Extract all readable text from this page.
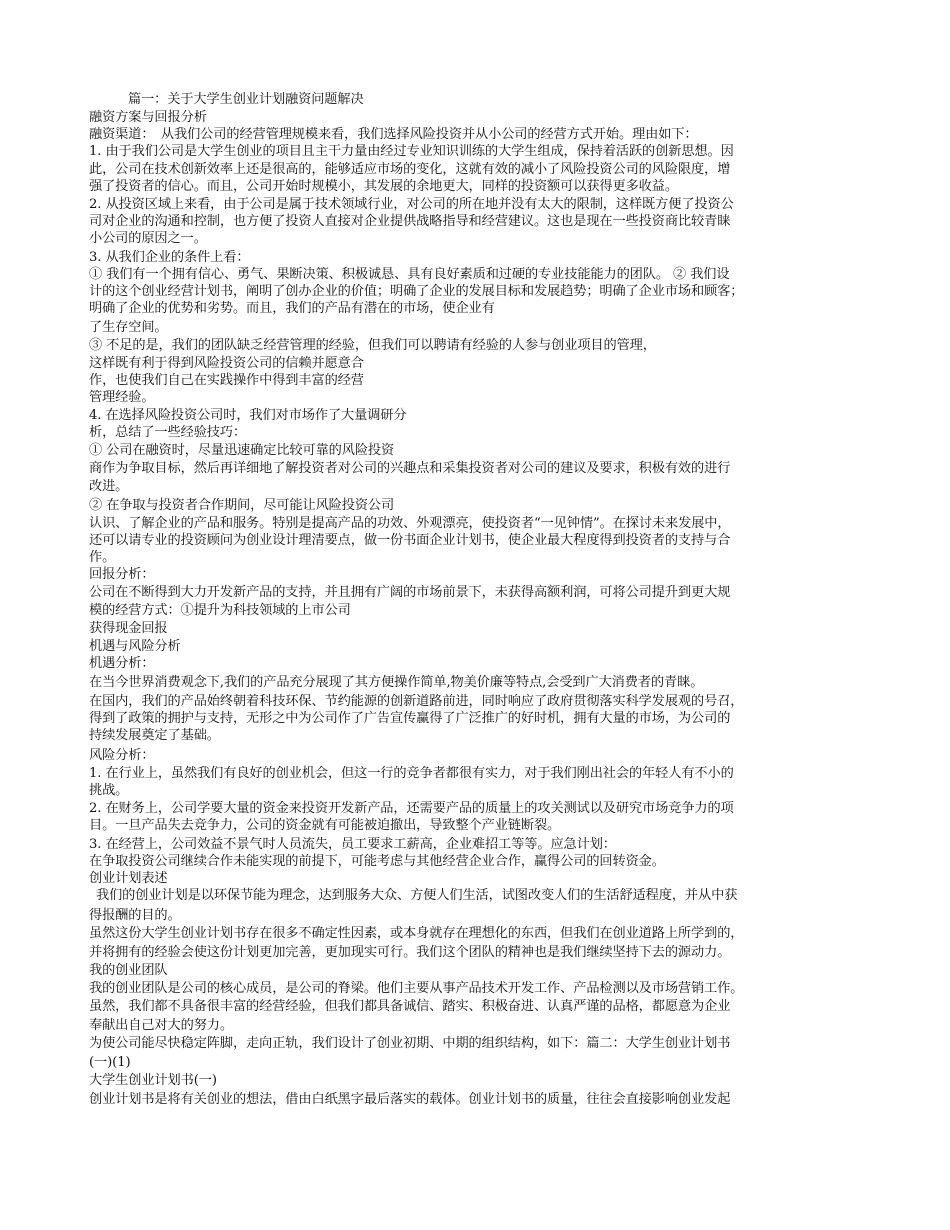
篇一：关于大学生创业计划融资问题解决
融资方案与回报分析
融资渠道：　从我们公司的经营管理规模来看，我们选择风险投资并从小公司的经营方式开始。理由如下：
1. 由于我们公司是大学生创业的项目且主干力量由经过专业知识训练的大学生组成，保持着活跃的创新思想。因
此，公司在技术创新效率上还是很高的，能够适应市场的变化，这就有效的减小了风险投资公司的风险限度，增
强了投资者的信心。而且，公司开始时规模小，其发展的余地更大，同样的投资额可以获得更多收益。
2. 从投资区域上来看，由于公司是属于技术领域行业，对公司的所在地并没有太大的限制，这样既方便了投资公
司对企业的沟通和控制，也方便了投资人直接对企业提供战略指导和经营建议。这也是现在一些投资商比较青睐
小公司的原因之一。
3. 从我们企业的条件上看：
① 我们有一个拥有信心、勇气、果断决策、积极诚恳、具有良好素质和过硬的专业技能能力的团队。 ② 我们设
计的这个创业经营计划书，阐明了创办企业的价值；明确了企业的发展目标和发展趋势；明确了企业市场和顾客；
明确了企业的优势和劣势。而且，我们的产品有潜在的市场，使企业有
了生存空间。
③ 不足的是，我们的团队缺乏经营管理的经验，但我们可以聘请有经验的人参与创业项目的管理，
这样既有利于得到风险投资公司的信赖并愿意合
作，也使我们自己在实践操作中得到丰富的经营
管理经验。
4. 在选择风险投资公司时，我们对市场作了大量调研分
析，总结了一些经验技巧：
① 公司在融资时，尽量迅速确定比较可靠的风险投资
商作为争取目标，然后再详细地了解投资者对公司的兴趣点和采集投资者对公司的建议及要求，积极有效的进行
改进。
② 在争取与投资者合作期间，尽可能让风险投资公司
认识、了解企业的产品和服务。特别是提高产品的功效、外观漂亮，使投资者“一见钟情”。在探讨未来发展中，
还可以请专业的投资顾问为创业设计理清要点，做一份书面企业计划书，使企业最大程度得到投资者的支持与合
作。
回报分析：
公司在不断得到大力开发新产品的支持，并且拥有广阔的市场前景下，未获得高额利润，可将公司提升到更大规
模的经营方式：①提升为科技领域的上市公司
获得现金回报
机遇与风险分析
机遇分析：
在当今世界消费观念下,我们的产品充分展现了其方便操作简单,物美价廉等特点,会受到广大消费者的青睐。
在国内，我们的产品始终朝着科技环保、节约能源的创新道路前进，同时响应了政府贯彻落实科学发展观的号召，
得到了政策的拥护与支持，无形之中为公司作了广告宣传赢得了广泛推广的好时机，拥有大量的市场，为公司的
持续发展奠定了基础。
风险分析：
1. 在行业上，虽然我们有良好的创业机会，但这一行的竞争者都很有实力，对于我们刚出社会的年轻人有不小的
挑战。
2. 在财务上，公司学要大量的资金来投资开发新产品，还需要产品的质量上的攻关测试以及研究市场竞争力的项
目。一旦产品失去竞争力，公司的资金就有可能被迫撤出，导致整个产业链断裂。
3. 在经营上，公司效益不景气时人员流失，员工要求工薪高，企业难招工等等。应急计划：
在争取投资公司继续合作未能实现的前提下，可能考虑与其他经营企业合作，赢得公司的回转资金。
创业计划表述
我们的创业计划是以环保节能为理念，达到服务大众、方便人们生活，试图改变人们的生活舒适程度，并从中获
得报酬的目的。
虽然这份大学生创业计划书存在很多不确定性因素，或本身就存在理想化的东西，但我们在创业道路上所学到的，
并将拥有的经验会使这份计划更加完善，更加现实可行。我们这个团队的精神也是我们继续坚持下去的源动力。
我的创业团队
我的创业团队是公司的核心成员，是公司的脊梁。他们主要从事产品技术开发工作、产品检测以及市场营销工作。
虽然，我们都不具备很丰富的经营经验，但我们都具备诚信、踏实、积极奋进、认真严谨的品格，都愿意为企业
奉献出自己对大的努力。
为使公司能尽快稳定阵脚，走向正轨，我们设计了创业初期、中期的组织结构，如下：篇二：大学生创业计划书
(一)(1)
大学生创业计划书(一)
创业计划书是将有关创业的想法，借由白纸黑字最后落实的载体。创业计划书的质量，往往会直接影响创业发起
